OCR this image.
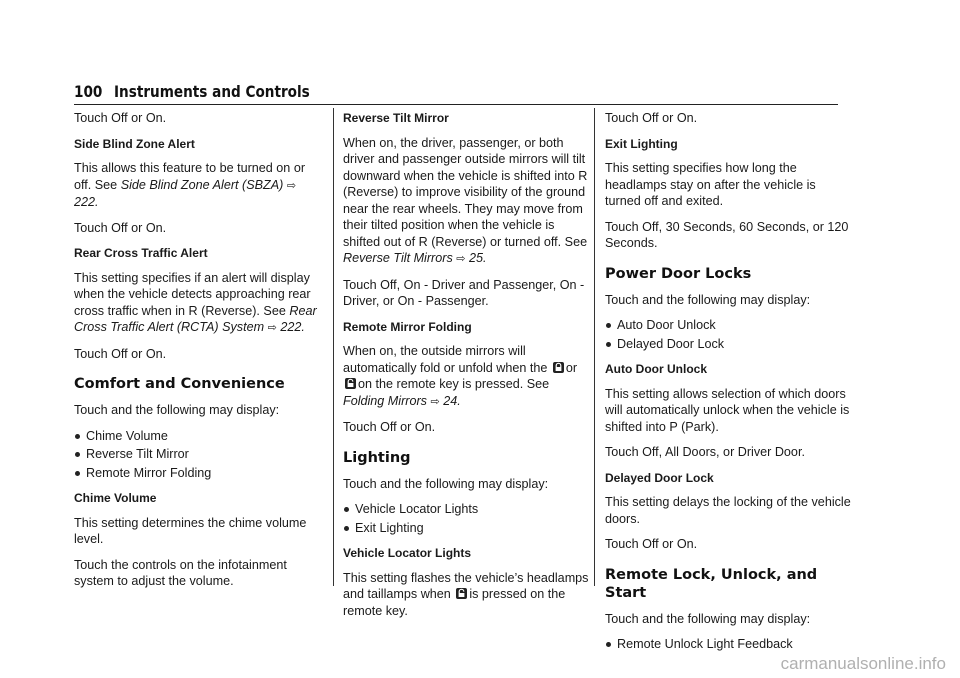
100 Instruments and Controls

Touch Off or On.

Side Blind Zone Alert

This allows this feature to be turned on or off. See Side Blind Zone Alert (SBZA) ⇨ 222.

Touch Off or On.

Rear Cross Traffic Alert

This setting specifies if an alert will display when the vehicle detects approaching rear cross traffic when in R (Reverse). See Rear Cross Traffic Alert (RCTA) System ⇨ 222.

Touch Off or On.

Comfort and Convenience

Touch and the following may display:

Chime Volume
Reverse Tilt Mirror
Remote Mirror Folding

Chime Volume

This setting determines the chime volume level.

Touch the controls on the infotainment system to adjust the volume.

Reverse Tilt Mirror

When on, the driver, passenger, or both driver and passenger outside mirrors will tilt downward when the vehicle is shifted into R (Reverse) to improve visibility of the ground near the rear wheels. They may move from their tilted position when the vehicle is shifted out of R (Reverse) or turned off. See Reverse Tilt Mirrors ⇨ 25.

Touch Off, On - Driver and Passenger, On - Driver, or On - Passenger.

Remote Mirror Folding

When on, the outside mirrors will automatically fold or unfold when the
or
on the remote key is pressed. See Folding Mirrors ⇨ 24.

Touch Off or On.

Lighting

Touch and the following may display:

Vehicle Locator Lights
Exit Lighting

Vehicle Locator Lights

This setting flashes the vehicle’s headlamps and taillamps when
is pressed on the remote key.

Touch Off or On.

Exit Lighting

This setting specifies how long the headlamps stay on after the vehicle is turned off and exited.

Touch Off, 30 Seconds, 60 Seconds, or 120 Seconds.

Power Door Locks

Touch and the following may display:

Auto Door Unlock
Delayed Door Lock

Auto Door Unlock

This setting allows selection of which doors will automatically unlock when the vehicle is shifted into P (Park).

Touch Off, All Doors, or Driver Door.

Delayed Door Lock

This setting delays the locking of the vehicle doors.

Touch Off or On.

Remote Lock, Unlock, and Start

Touch and the following may display:

Remote Unlock Light Feedback
carmanualsonline.info
